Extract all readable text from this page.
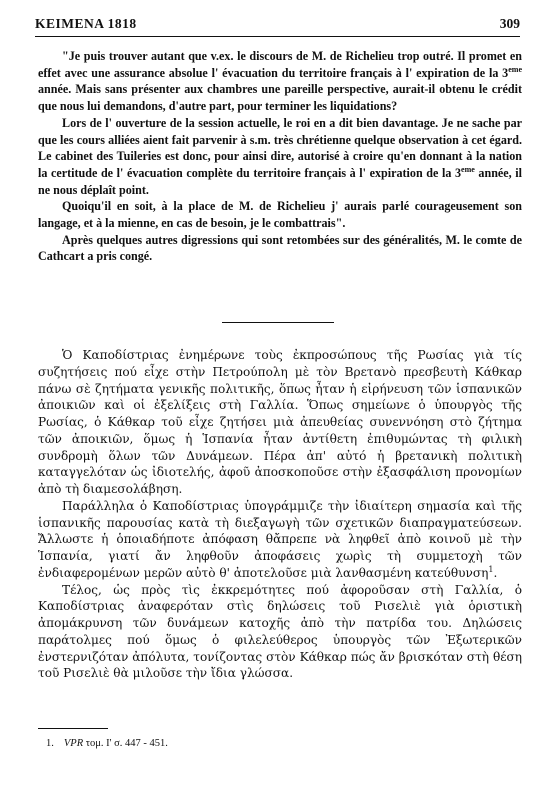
ΚΕΙΜΕΝΑ 1818	309

"Je puis trouver autant que v.ex. le discours de M. de Richelieu trop outré. Il promet en effet avec une assurance absolue l' évacuation du territoire français à l' expiration de la 3eme année. Mais sans présenter aux chambres une pareille perspective, aurait-il obtenu le crédit que nous lui demandons, d'autre part, pour terminer les liquidations?

Lors de l' ouverture de la session actuelle, le roi en a dit bien davantage. Je ne sache par que les cours alliées aient fait parvenir à s.m. très chrétienne quelque observation à cet égard. Le cabinet des Tuileries est donc, pour ainsi dire, autorisé à croire qu'en donnant à la nation la certitude de l' évacuation complète du territoire français à l' expiration de la 3eme année, il ne nous déplaît point.

Quoiqu'il en soit, à la place de M. de Richelieu j' aurais parlé courageusement son langage, et à la mienne, en cas de besoin, je le combattrais".

Après quelques autres digressions qui sont retombées sur des généralités, M. le comte de Cathcart a pris congé.

Ὁ Καποδίστριας ἐνημέρωνε τοὺς ἐκπροσώπους τῆς Ρωσίας γιὰ τίς συζητήσεις πού εἶχε στὴν Πετρούπολη μὲ τὸν Βρετανὸ πρεσβευτὴ Κάθκαρ πάνω σὲ ζητήματα γενικῆς πολιτικῆς, ὅπως ἦταν ἡ εἰρήνευση τῶν ἱσπανικῶν ἀποικιῶν καὶ οἱ ἐξελίξεις στὴ Γαλλία. Ὅπως σημείωνε ὁ ὑπουργὸς τῆς Ρωσίας, ὁ Κάθκαρ τοῦ εἶχε ζητήσει μιὰ ἀπευθείας συνεννόηση στὸ ζήτημα τῶν ἀποικιῶν, ὅμως ἡ Ἱσπανία ἦταν ἀντίθετη ἐπιθυμώντας τὴ φιλικὴ συνδρομὴ ὅλων τῶν Δυνάμεων. Πέρα ἀπ' αὐτό ἡ βρετανικὴ πολιτικὴ καταγγελόταν ὡς ἰδιοτελής, ἀφοῦ ἀποσκοποῦσε στὴν ἐξασφάλιση προνομίων ἀπὸ τὴ διαμεσολάβηση.

Παράλληλα ὁ Καποδίστριας ὑπογράμμιζε τὴν ἰδιαίτερη σημασία καὶ τῆς ἱσπανικῆς παρουσίας κατὰ τὴ διεξαγωγὴ τῶν σχετικῶν διαπραγματεύσεων. Ἄλλωστε ἡ ὁποιαδήποτε ἀπόφαση θἄπρεπε νὰ ληφθεῖ ἀπὸ κοινοῦ μὲ τὴν Ἱσπανία, γιατί ἄν ληφθοῦν ἀποφάσεις χωρὶς τὴ συμμετοχὴ τῶν ἐνδιαφερομένων μερῶν αὐτὸ θ' ἀποτελοῦσε μιὰ λανθασμένη κατεύθυνση$^1$.

Τέλος, ὡς πρὸς τὶς ἐκκρεμότητες πού ἀφοροῦσαν στὴ Γαλλία, ὁ Καποδίστριας ἀναφερόταν στὶς δηλώσεις τοῦ Ρισελιὲ γιὰ ὁριστικὴ ἀπομάκρυνση τῶν δυνάμεων κατοχῆς ἀπὸ τὴν πατρίδα του. Δηλώσεις παράτολμες πού ὅμως ὁ φιλελεύθερος ὑπουργὸς τῶν Ἐξωτερικῶν ἐνστερνιζόταν ἀπόλυτα, τονίζοντας στὸν Κάθκαρ πώς ἄν βρισκόταν στὴ θέση τοῦ Ρισελιὲ θὰ μιλοῦσε τὴν ἴδια γλώσσα.

1. VPR τομ. Ι' σ. 447 - 451.
